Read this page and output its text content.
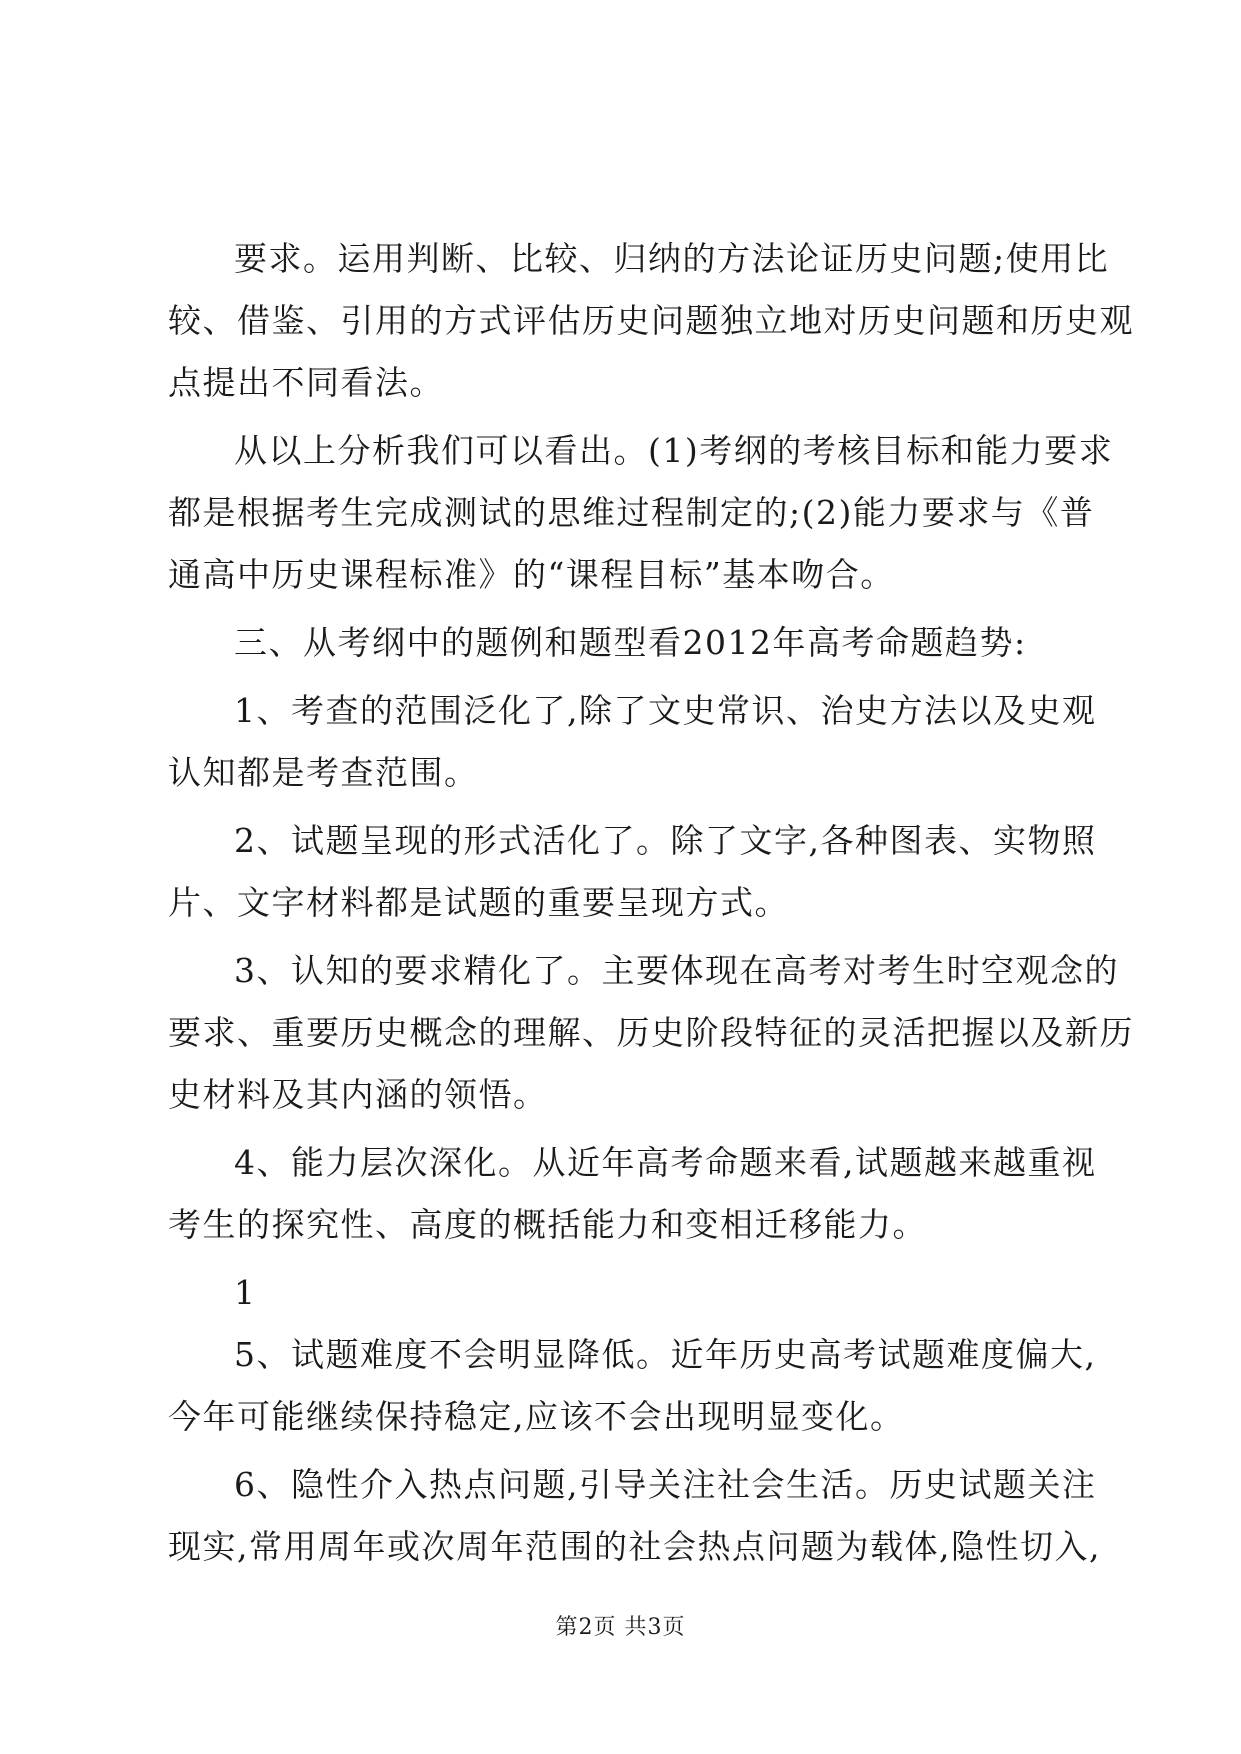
要求。运用判断、比较、归纳的方法论证历史问题;使用比
较、借鉴、引用的方式评估历史问题独立地对历史问题和历史观
点提出不同看法。
从以上分析我们可以看出。(1)考纲的考核目标和能力要求
都是根据考生完成测试的思维过程制定的;(2)能力要求与《普
通高中历史课程标准》的“课程目标”基本吻合。
三、从考纲中的题例和题型看2012年高考命题趋势:
1、考查的范围泛化了,除了文史常识、治史方法以及史观
认知都是考查范围。
2、试题呈现的形式活化了。除了文字,各种图表、实物照
片、文字材料都是试题的重要呈现方式。
3、认知的要求精化了。主要体现在高考对考生时空观念的
要求、重要历史概念的理解、历史阶段特征的灵活把握以及新历
史材料及其内涵的领悟。
4、能力层次深化。从近年高考命题来看,试题越来越重视
考生的探究性、高度的概括能力和变相迁移能力。
1
5、试题难度不会明显降低。近年历史高考试题难度偏大,
今年可能继续保持稳定,应该不会出现明显变化。
6、隐性介入热点问题,引导关注社会生活。历史试题关注
现实,常用周年或次周年范围的社会热点问题为载体,隐性切入,
第2页 共3页
